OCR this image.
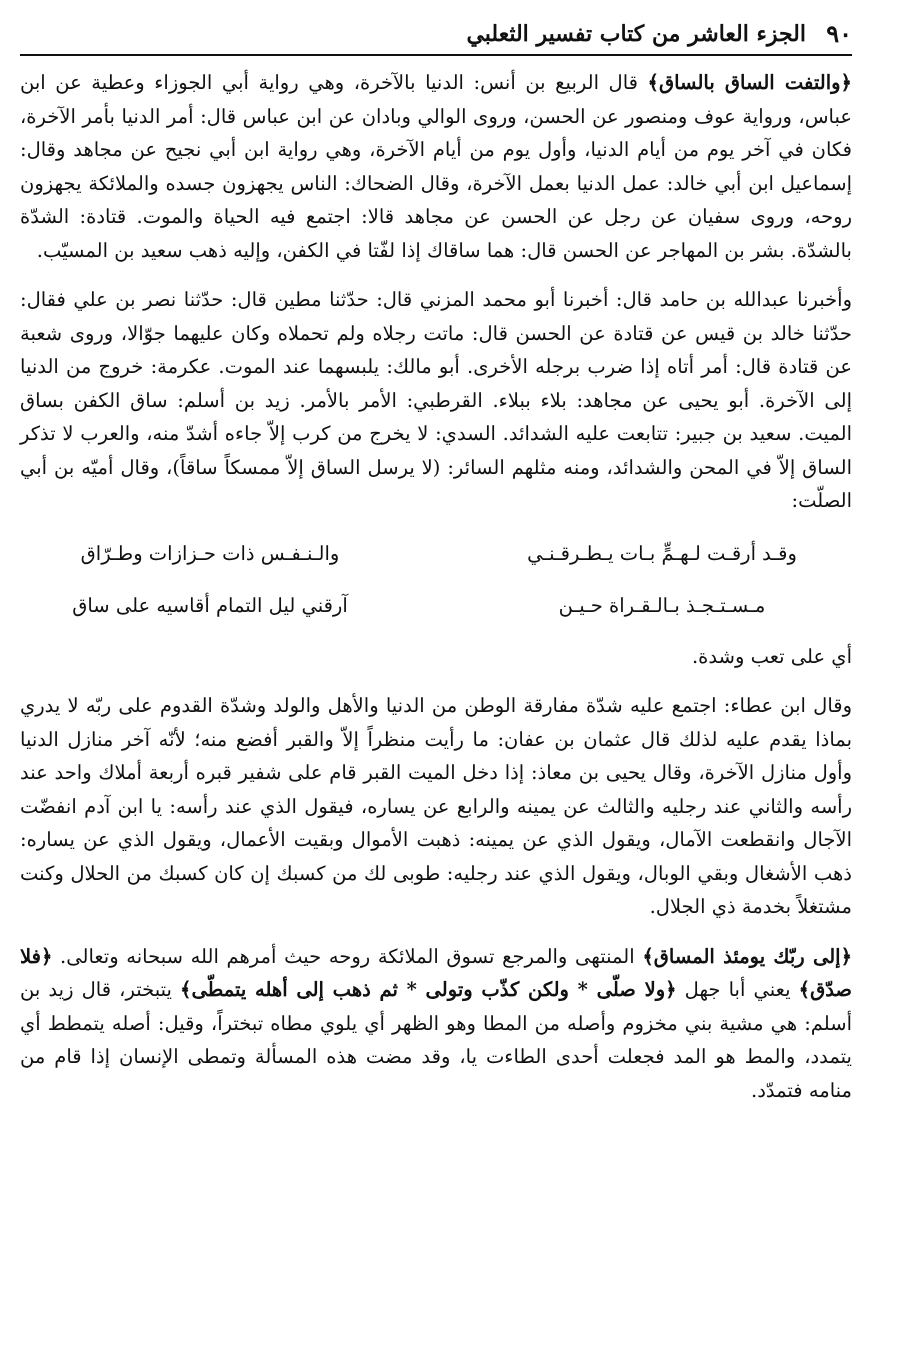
٩٠
الجزء العاشر من كتاب تفسير الثعلبي

﴿والتفت الساق بالساق﴾ قال الربيع بن أنس: الدنيا بالآخرة، وهي رواية أبي الجوزاء وعطية عن ابن عباس، ورواية عوف ومنصور عن الحسن، وروى الوالي وبادان عن ابن عباس قال: أمر الدنيا بأمر الآخرة، فكان في آخر يوم من أيام الدنيا، وأول يوم من أيام الآخرة، وهي رواية ابن أبي نجيح عن مجاهد وقال: إسماعيل ابن أبي خالد: عمل الدنيا بعمل الآخرة، وقال الضحاك: الناس يجهزون جسده والملائكة يجهزون روحه، وروى سفيان عن رجل عن الحسن عن مجاهد قالا: اجتمع فيه الحياة والموت. قتادة: الشدّة بالشدّة. بشر بن المهاجر عن الحسن قال: هما ساقاك إذا لفّتا في الكفن، وإليه ذهب سعيد بن المسيّب.

وأخبرنا عبدالله بن حامد قال: أخبرنا أبو محمد المزني قال: حدّثنا مطين قال: حدّثنا نصر بن علي فقال: حدّثنا خالد بن قيس عن قتادة عن الحسن قال: ماتت رجلاه ولم تحملاه وكان عليهما جوّالا، وروى شعبة عن قتادة قال: أمر أتاه إذا ضرب برجله الأخرى. أبو مالك: يلبسهما عند الموت. عكرمة: خروج من الدنيا إلى الآخرة. أبو يحيى عن مجاهد: بلاء ببلاء. القرطبي: الأمر بالأمر. زيد بن أسلم: ساق الكفن بساق الميت. سعيد بن جبير: تتابعت عليه الشدائد. السدي: لا يخرج من كرب إلاّ جاءه أشدّ منه، والعرب لا تذكر الساق إلاّ في المحن والشدائد، ومنه مثلهم السائر: (لا يرسل الساق إلاّ ممسكاً ساقاً)، وقال أميّه بن أبي الصلّت:

وقـد أرقـت لـهـمٍّ بـات يـطـرقـنـي
والـنـفـس ذات حـزازات وطـرّاق
مـسـتـجـذ بـالـقـراة حـيـن
آرقني ليل التمام أقاسيه على ساق

أي على تعب وشدة.

وقال ابن عطاء: اجتمع عليه شدّة مفارقة الوطن من الدنيا والأهل والولد وشدّة القدوم على ربّه لا يدري بماذا يقدم عليه لذلك قال عثمان بن عفان: ما رأيت منظراً إلاّ والقبر أفضع منه؛ لأنّه آخر منازل الدنيا وأول منازل الآخرة، وقال يحيى بن معاذ: إذا دخل الميت القبر قام على شفير قبره أربعة أملاك واحد عند رأسه والثاني عند رجليه والثالث عن يمينه والرابع عن يساره، فيقول الذي عند رأسه: يا ابن آدم انفضّت الآجال وانقطعت الآمال، ويقول الذي عن يمينه: ذهبت الأموال وبقيت الأعمال، ويقول الذي عن يساره: ذهب الأشغال وبقي الوبال، ويقول الذي عند رجليه: طوبى لك من كسبك إن كان كسبك من الحلال وكنت مشتغلاً بخدمة ذي الجلال.

﴿إلى ربّك يومئذ المساق﴾ المنتهى والمرجع تسوق الملائكة روحه حيث أمرهم الله سبحانه وتعالى. ﴿فلا صدّق﴾ يعني أبا جهل ﴿ولا صلّى * ولكن كذّب وتولى * ثم ذهب إلى أهله يتمطّى﴾ يتبختر، قال زيد بن أسلم: هي مشية بني مخزوم وأصله من المطا وهو الظهر أي يلوي مطاه تبختراً، وقيل: أصله يتمطط أي يتمدد، والمط هو المد فجعلت أحدى الطاءت يا، وقد مضت هذه المسألة وتمطى الإنسان إذا قام من منامه فتمدّد.
